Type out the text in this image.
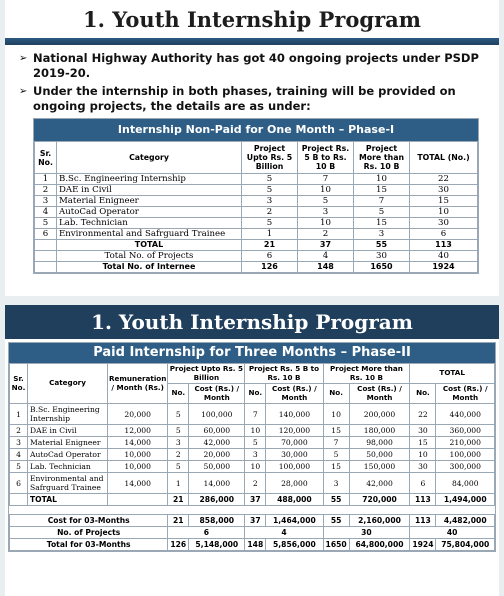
1. Youth Internship Program
➢ National Highway Authority has got 40 ongoing projects under PSDP 2019-20.
➢ Under the internship in both phases, training will be provided on ongoing projects, the details are as under:
Internship Non-Paid for One Month – Phase-I
Sr. No.	Category	Project Upto Rs. 5 Billion	Project Rs. 5 B to Rs. 10 B	Project More than Rs. 10 B	TOTAL (No.)
1	B.Sc. Engineering Internship	5	7	10	22
2	DAE in Civil	5	10	15	30
3	Material Enigneer	3	5	7	15
4	AutoCad Operator	2	3	5	10
5	Lab. Technician	5	10	15	30
6	Environmental and Safrguard Trainee	1	2	3	6
	TOTAL	21	37	55	113
	Total No. of Projects	6	4	30	40
	Total No. of Internee	126	148	1650	1924
1. Youth Internship Program
Paid Internship for Three Months – Phase-II
Sr. No.	Category	Remuneration / Month (Rs.)	Project Upto Rs. 5 Billion		Project Rs. 5 B to Rs. 10 B		Project More than Rs. 10 B		TOTAL	
			No.	Cost (Rs.) / Month	No.	Cost (Rs.) / Month	No.	Cost (Rs.) / Month	No.	Cost (Rs.) / Month
1	B.Sc. Engineering Internship	20,000	5	100,000	7	140,000	10	200,000	22	440,000
2	DAE in Civil	12,000	5	60,000	10	120,000	15	180,000	30	360,000
3	Material Enigneer	14,000	3	42,000	5	70,000	7	98,000	15	210,000
4	AutoCad Operator	10,000	2	20,000	3	30,000	5	50,000	10	100,000
5	Lab. Technician	10,000	5	50,000	10	100,000	15	150,000	30	300,000
6	Environmental and Safrguard Trainee	14,000	1	14,000	2	28,000	3	42,000	6	84,000
	TOTAL		21	286,000	37	488,000	55	720,000	113	1,494,000

Cost for 03-Months			21	858,000	37	1,464,000	55	2,160,000	113	4,482,000
No. of Projects			6		4		30		40	
Total for 03-Months			126	5,148,000	148	5,856,000	1650	64,800,000	1924	75,804,000
